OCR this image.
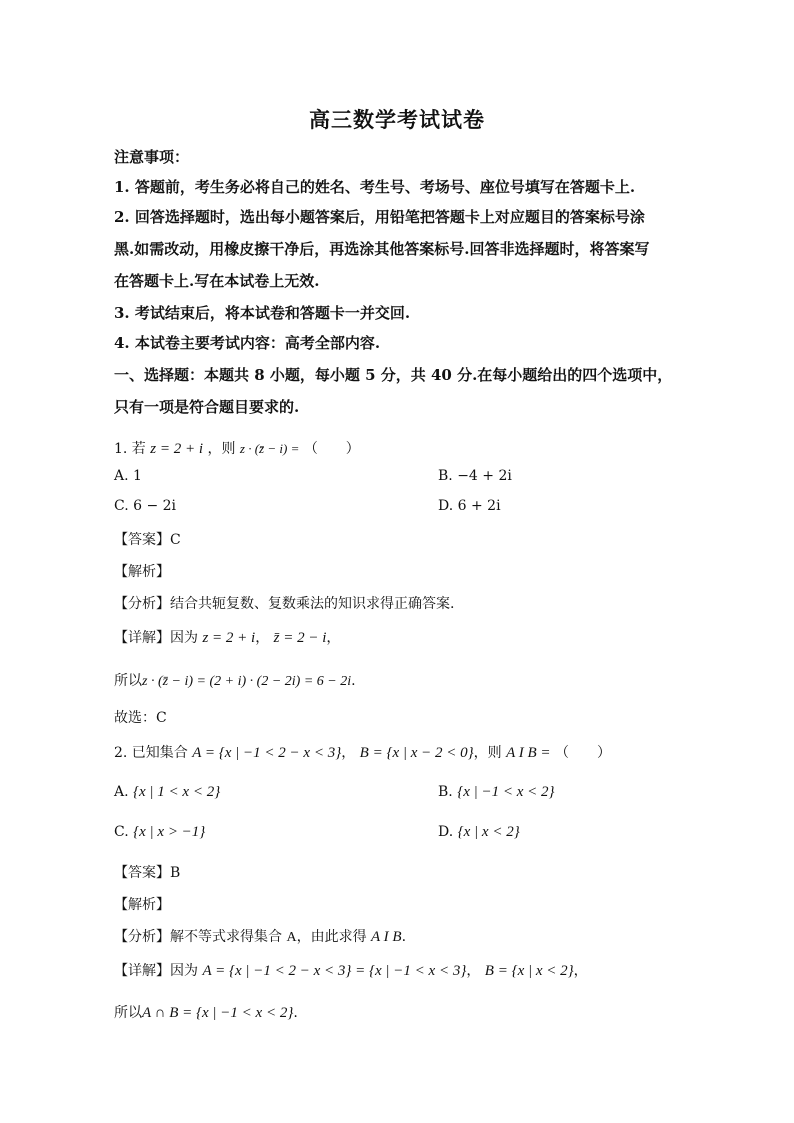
高三数学考试试卷
注意事项：
1. 答题前，考生务必将自己的姓名、考生号、考场号、座位号填写在答题卡上.
2. 回答选择题时，选出每小题答案后，用铅笔把答题卡上对应题目的答案标号涂
黑.如需改动，用橡皮擦干净后，再选涂其他答案标号.回答非选择题时，将答案写
在答题卡上.写在本试卷上无效.
3. 考试结束后，将本试卷和答题卡一并交回.
4. 本试卷主要考试内容：高考全部内容.
一、选择题：本题共 8 小题，每小题 5 分，共 40 分.在每小题给出的四个选项中，
只有一项是符合题目要求的.
1. 若 z = 2 + i ，则 z · (z̄ − i) = （　　）
A. 1	B. −4 + 2i
C. 6 − 2i	D. 6 + 2i
【答案】C
【解析】
【分析】结合共轭复数、复数乘法的知识求得正确答案.
【详解】因为 z = 2 + i， z̄ = 2 − i，
所以z · (z̄ − i) = (2 + i) · (2 − 2i) = 6 − 2i.
故选：C
2. 已知集合 A = {x | −1 < 2 − x < 3}， B = {x | x − 2 < 0}，则 A I B = （　　）
A. {x | 1 < x < 2}	B. {x | −1 < x < 2}
C. {x | x > −1}	D. {x | x < 2}
【答案】B
【解析】
【分析】解不等式求得集合 A，由此求得 A I B.
【详解】因为 A = {x | −1 < 2 − x < 3} = {x | −1 < x < 3}， B = {x | x < 2}，
所以A ∩ B = {x | −1 < x < 2}.
